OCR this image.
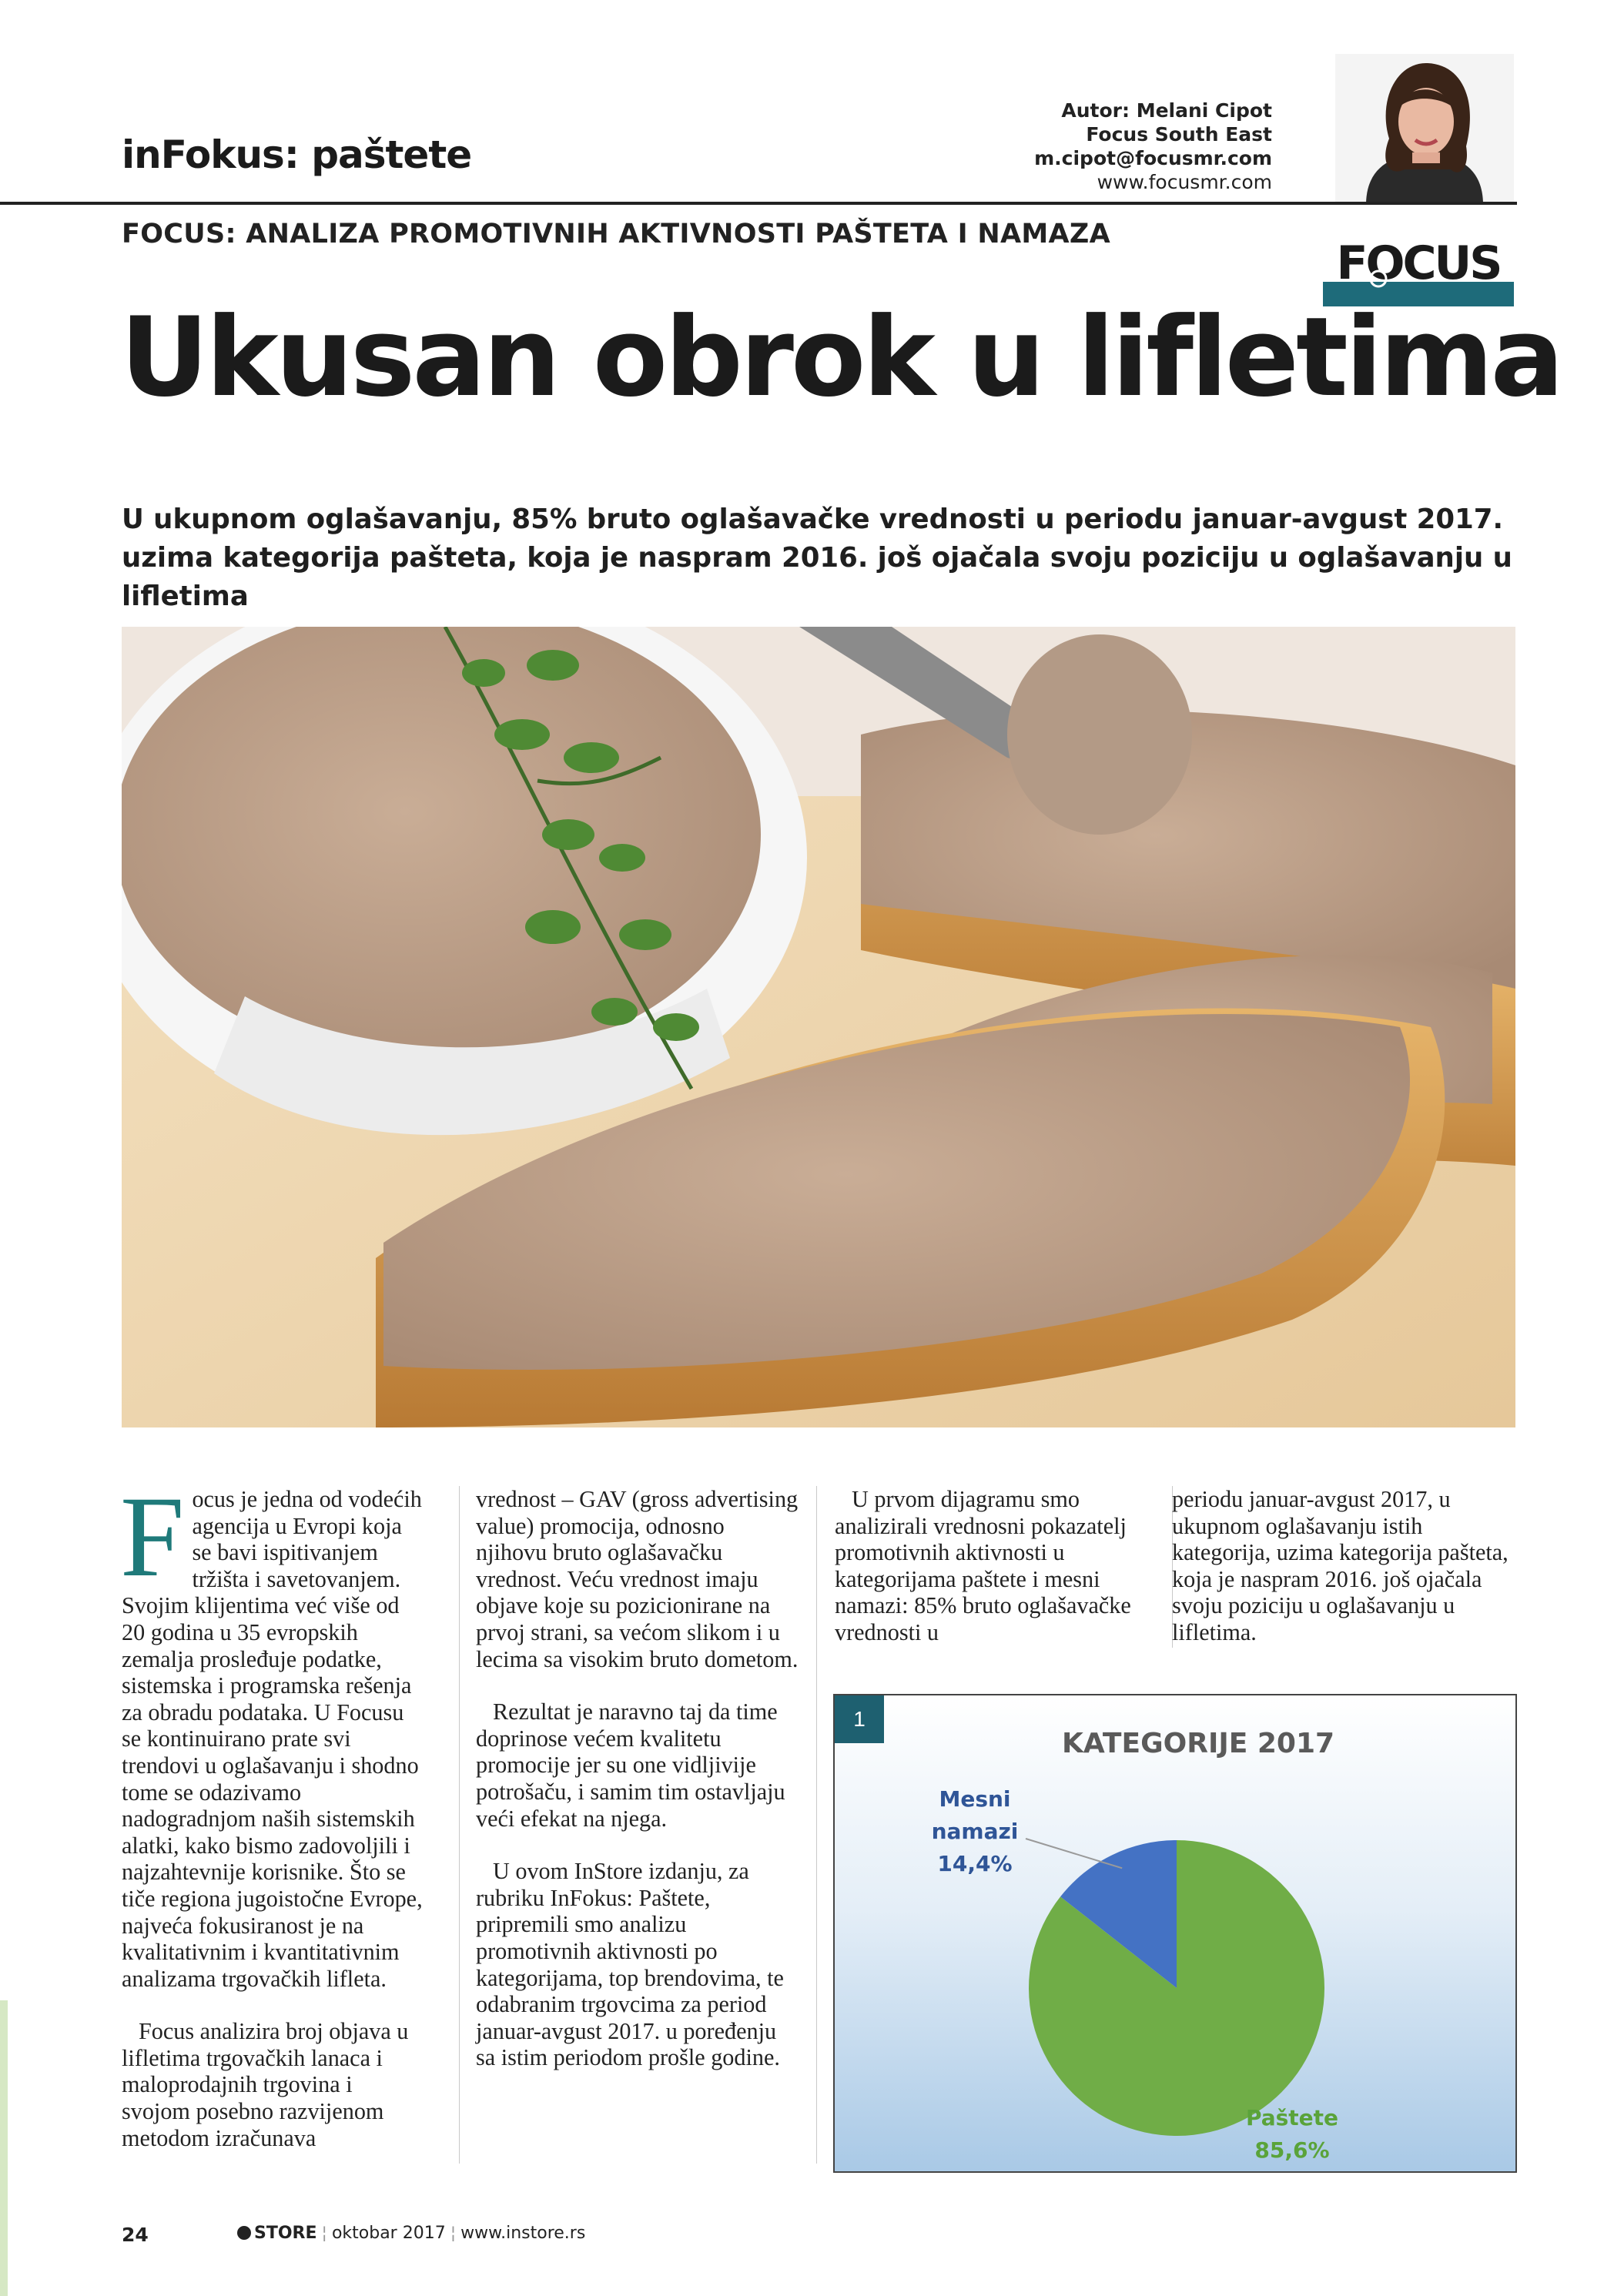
inFokus: paštete
Autor: Melani Cipot
Focus South East
m.cipot@focusmr.com
www.focusmr.com
FOCUS: ANALIZA PROMOTIVNIH AKTIVNOSTI PAŠTETA I NAMAZA
FOCUS
Ukusan obrok u lifletima
U ukupnom oglašavanju, 85% bruto oglašavačke vrednosti u periodu januar-avgust 2017. uzima kategorija pašteta, koja je naspram 2016. još ojačala svoju poziciju u oglašavanju u lifletima

Focus je jedna od vodećih agencija u Evropi koja se bavi ispitivanjem tržišta i savetovanjem. Svojim klijentima već više od 20 godina u 35 evropskih zemalja prosleđuje podatke, sistemska i programska rešenja za obradu podataka. U Focusu se kontinuirano prate svi trendovi u oglašavanju i shodno tome se odazivamo nadogradnjom naših sistemskih alatki, kako bismo zadovoljili i najzahtevnije korisnike. Što se tiče regiona jugoistočne Evrope, najveća fokusiranost je na kvalitativnim i kvantitativnim analizama trgovačkih lifleta.

Focus analizira broj objava u lifletima trgovačkih lanaca i maloprodajnih trgovina i svojom posebno razvijenom metodom izračunava

vrednost – GAV (gross advertising value) promocija, odnosno njihovu bruto oglašavačku vrednost. Veću vrednost imaju objave koje su pozicionirane na prvoj strani, sa većom slikom i u lecima sa visokim bruto dometom.

Rezultat je naravno taj da time doprinose većem kvalitetu promocije jer su one vidljivije potrošaču, i samim tim ostavljaju veći efekat na njega.

U ovom InStore izdanju, za rubriku InFokus: Paštete, pripremili smo analizu promotivnih aktivnosti po kategorijama, top brendovima, te odabranim trgovcima za period januar-avgust 2017. u poređenju sa istim periodom prošle godine.

U prvom dijagramu smo analizirali vrednosni pokazatelj promotivnih aktivnosti u kategorijama paštete i mesni namazi: 85% bruto oglašavačke vrednosti u

periodu januar-avgust 2017, u ukupnom oglašavanju istih kategorija, uzima kategorija pašteta, koja je naspram 2016. još ojačala svoju poziciju u oglašavanju u lifletima.

1
KATEGORIJE 2017
Mesni
namazi
14,4%
Paštete
85,6%
24	STORE ¦ oktobar 2017 ¦ www.instore.rs
